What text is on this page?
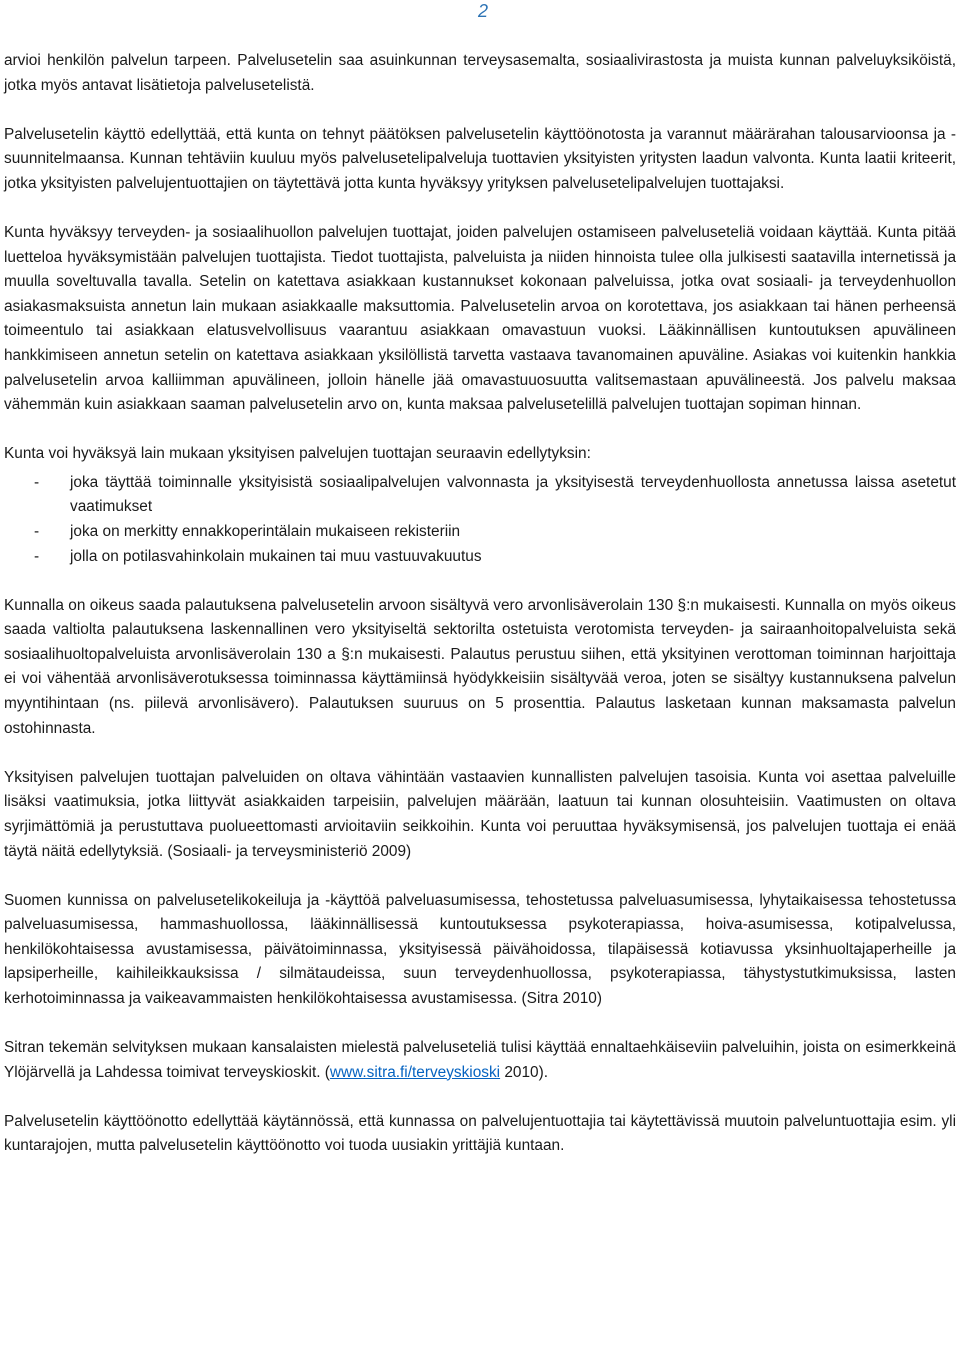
2

arvioi henkilön palvelun tarpeen. Palvelusetelin saa asuinkunnan terveysasemalta, sosiaalivirastosta ja muista kunnan palveluyksiköistä, jotka myös antavat lisätietoja palvelusetelistä.

Palvelusetelin käyttö edellyttää, että kunta on tehnyt päätöksen palvelusetelin käyttöönotosta ja varannut määrärahan talousarvioonsa ja -suunnitelmaansa. Kunnan tehtäviin kuuluu myös palvelusetelipalveluja tuottavien yksityisten yritysten laadun valvonta. Kunta laatii kriteerit, jotka yksityisten palvelujentuottajien on täytettävä jotta kunta hyväksyy yrityksen palvelusetelipalvelujen tuottajaksi.

Kunta hyväksyy terveyden- ja sosiaalihuollon palvelujen tuottajat, joiden palvelujen ostamiseen palveluseteliä voidaan käyttää. Kunta pitää luetteloa hyväksymistään palvelujen tuottajista. Tiedot tuottajista, palveluista ja niiden hinnoista tulee olla julkisesti saatavilla internetissä ja muulla soveltuvalla tavalla. Setelin on katettava asiakkaan kustannukset kokonaan palveluissa, jotka ovat sosiaali- ja terveydenhuollon asiakasmaksuista annetun lain mukaan asiakkaalle maksuttomia. Palvelusetelin arvoa on korotettava, jos asiakkaan tai hänen perheensä toimeentulo tai asiakkaan elatusvelvollisuus vaarantuu asiakkaan omavastuun vuoksi. Lääkinnällisen kuntoutuksen apuvälineen hankkimiseen annetun setelin on katettava asiakkaan yksilöllistä tarvetta vastaava tavanomainen apuväline. Asiakas voi kuitenkin hankkia palvelusetelin arvoa kalliimman apuvälineen, jolloin hänelle jää omavastuuosuutta valitsemastaan apuvälineestä. Jos palvelu maksaa vähemmän kuin asiakkaan saaman palvelusetelin arvo on, kunta maksaa palvelusetelillä palvelujen tuottajan sopiman hinnan.

Kunta voi hyväksyä lain mukaan yksityisen palvelujen tuottajan seuraavin edellytyksin:

- joka täyttää toiminnalle yksityisistä sosiaalipalvelujen valvonnasta ja yksityisestä terveydenhuollosta annetussa laissa asetetut vaatimukset
- joka on merkitty ennakkoperintälain mukaiseen rekisteriin
- jolla on potilasvahinkolain mukainen tai muu vastuuvakuutus

Kunnalla on oikeus saada palautuksena palvelusetelin arvoon sisältyvä vero arvonlisäverolain 130 §:n mukaisesti. Kunnalla on myös oikeus saada valtiolta palautuksena laskennallinen vero yksityiseltä sektorilta ostetuista verotomista terveyden- ja sairaanhoitopalveluista sekä sosiaalihuoltopalveluista arvonlisäverolain 130 a §:n mukaisesti. Palautus perustuu siihen, että yksityinen verottoman toiminnan harjoittaja ei voi vähentää arvonlisäverotuksessa toiminnassa käyttämiinsä hyödykkeisiin sisältyvää veroa, joten se sisältyy kustannuksena palvelun myyntihintaan (ns. piilevä arvonlisävero). Palautuksen suuruus on 5 prosenttia. Palautus lasketaan kunnan maksamasta palvelun ostohinnasta.

Yksityisen palvelujen tuottajan palveluiden on oltava vähintään vastaavien kunnallisten palvelujen tasoisia. Kunta voi asettaa palveluille lisäksi vaatimuksia, jotka liittyvät asiakkaiden tarpeisiin, palvelujen määrään, laatuun tai kunnan olosuhteisiin. Vaatimusten on oltava syrjimättömiä ja perustuttava puolueettomasti arvioitaviin seikkoihin. Kunta voi peruuttaa hyväksymisensä, jos palvelujen tuottaja ei enää täytä näitä edellytyksiä. (Sosiaali- ja terveysministeriö 2009)

Suomen kunnissa on palvelusetelikokeiluja ja -käyttöä palveluasumisessa, tehostetussa palveluasumisessa, lyhytaikaisessa tehostetussa palveluasumisessa, hammashuollossa, lääkinnällisessä kuntoutuksessa psykoterapiassa, hoiva-asumisessa, kotipalvelussa, henkilökohtaisessa avustamisessa, päivätoiminnassa, yksityisessä päivähoidossa, tilapäisessä kotiavussa yksinhuoltajaperheille ja lapsiperheille, kaihileikkauksissa / silmätaudeissa, suun terveydenhuollossa, psykoterapiassa, tähystystutkimuksissa, lasten kerhotoiminnassa ja vaikeavammaisten henkilökohtaisessa avustamisessa. (Sitra 2010)

Sitran tekemän selvityksen mukaan kansalaisten mielestä palveluseteliä tulisi käyttää ennaltaehkäiseviin palveluihin, joista on esimerkkeinä Ylöjärvellä ja Lahdessa toimivat terveyskioskit. (www.sitra.fi/terveyskioski 2010).

Palvelusetelin käyttöönotto edellyttää käytännössä, että kunnassa on palvelujentuottajia tai käytettävissä muutoin palveluntuottajia esim. yli kuntarajojen, mutta palvelusetelin käyttöönotto voi tuoda uusiakin yrittäjiä kuntaan.
